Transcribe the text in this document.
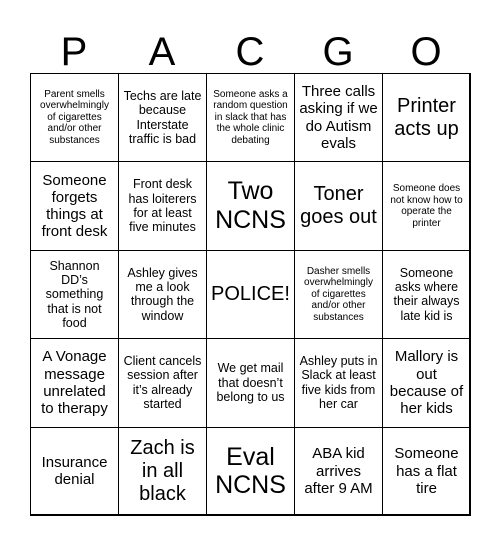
P	A	C	G	O
Parent smells overwhelmingly of cigarettes and/or other substances
Techs are late because Interstate traffic is bad
Someone asks a random question in slack that has the whole clinic debating
Three calls asking if we do Autism evals
Printer acts up
Someone forgets things at front desk
Front desk has loiterers for at least five minutes
Two NCNS
Toner goes out
Someone does not know how to operate the printer
Shannon DD’s something that is not food
Ashley gives me a look through the window
POLICE!
Dasher smells overwhelmingly of cigarettes and/or other substances
Someone asks where their always late kid is
A Vonage message unrelated to therapy
Client cancels session after it’s already started
We get mail that doesn’t belong to us
Ashley puts in Slack at least five kids from her car
Mallory is out because of her kids
Insurance denial
Zach is in all black
Eval NCNS
ABA kid arrives after 9 AM
Someone has a flat tire
